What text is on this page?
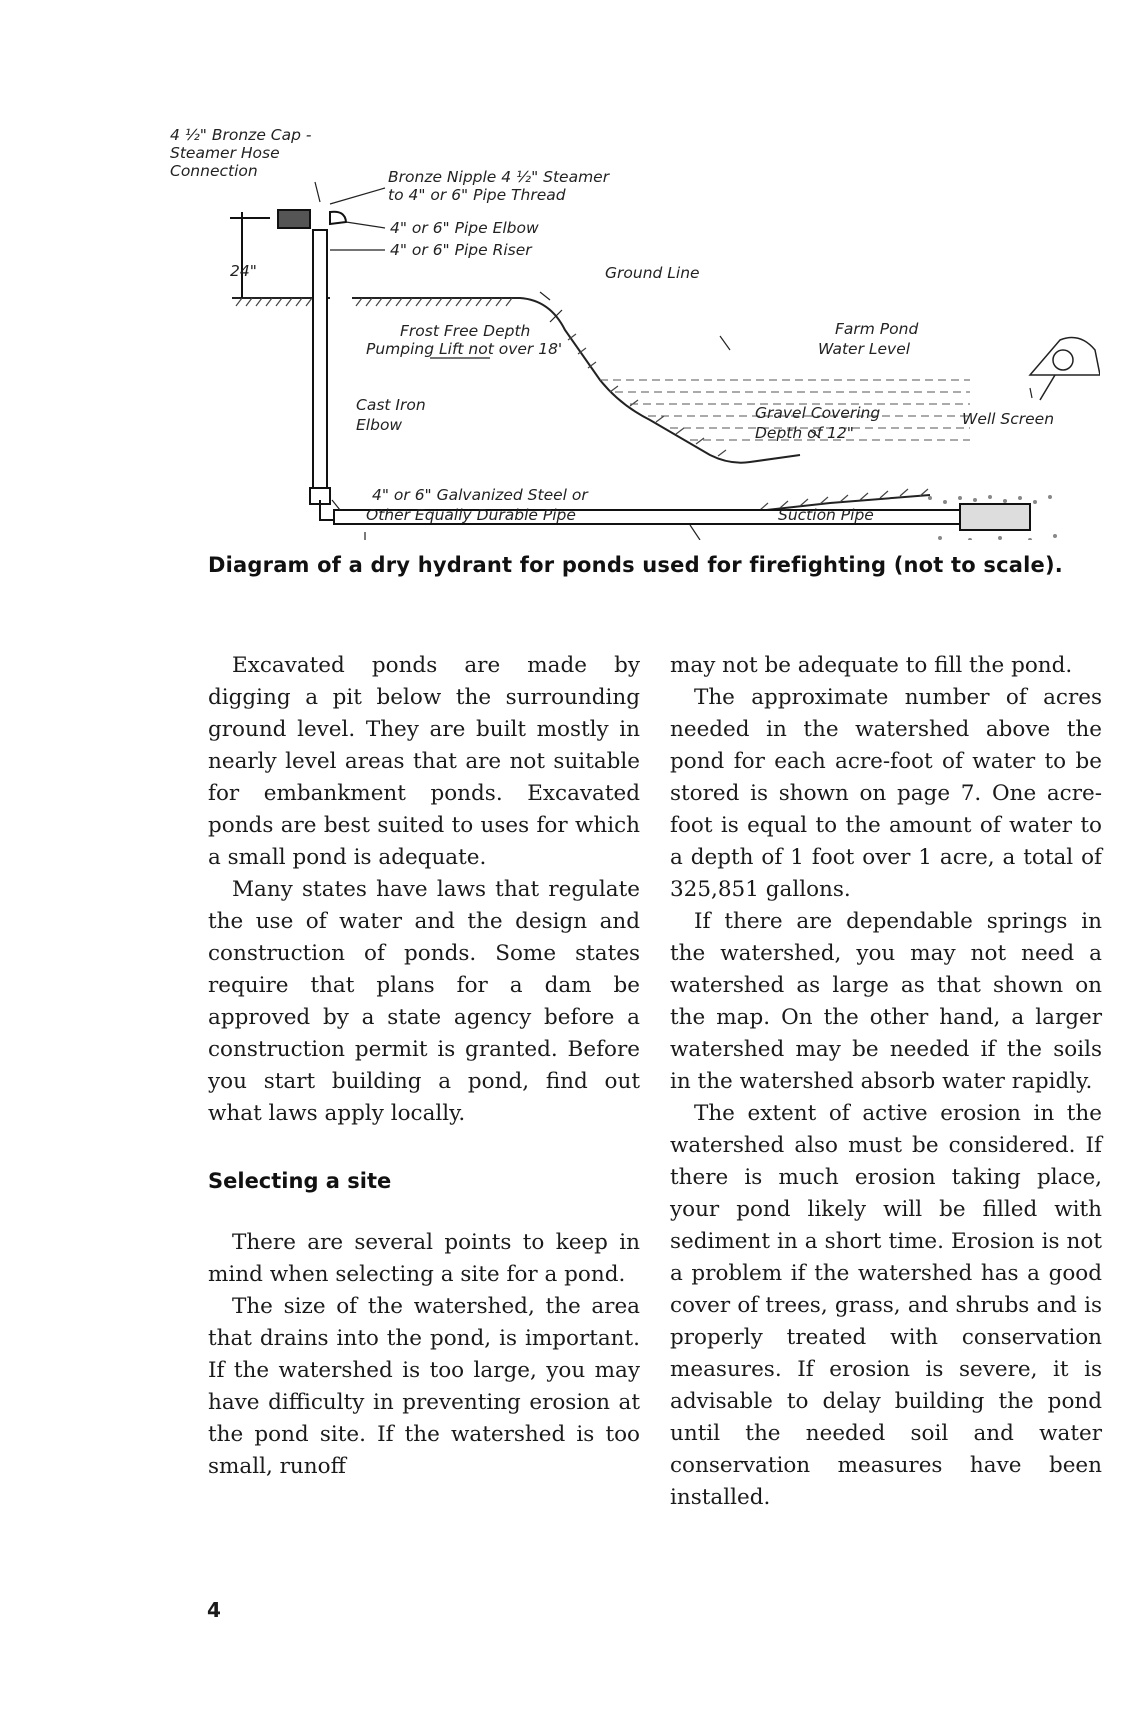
4 ½" Bronze Cap -
Steamer Hose
Connection	Bronze Nipple 4 ½" Steamer
to 4" or 6" Pipe Thread
4" or 6" Pipe Elbow
4" or 6" Pipe Riser
24"	Ground Line
Frost Free Depth
Pumping Lift not over 18'
Farm Pond
Water Level
Cast Iron
Elbow
Gravel Covering
Depth of 12"
Well Screen
4" or 6" Galvanized Steel or
Other Equally Durable Pipe	Suction Pipe
Diagram of a dry hydrant for ponds used for firefighting (not to scale).

Excavated ponds are made by digging a pit below the surrounding ground level. They are built mostly in nearly level areas that are not suitable for embankment ponds. Excavated ponds are best suited to uses for which a small pond is adequate.

Many states have laws that regulate the use of water and the design and construction of ponds. Some states require that plans for a dam be approved by a state agency before a construction permit is granted. Before you start building a pond, find out what laws apply locally.

Selecting a site

There are several points to keep in mind when selecting a site for a pond.

The size of the watershed, the area that drains into the pond, is important. If the watershed is too large, you may have difficulty in preventing erosion at the pond site. If the watershed is too small, runoff

may not be adequate to fill the pond.

The approximate number of acres needed in the watershed above the pond for each acre-foot of water to be stored is shown on page 7. One acre-foot is equal to the amount of water to a depth of 1 foot over 1 acre, a total of 325,851 gallons.

If there are dependable springs in the watershed, you may not need a watershed as large as that shown on the map. On the other hand, a larger watershed may be needed if the soils in the watershed absorb water rapidly.

The extent of active erosion in the watershed also must be considered. If there is much erosion taking place, your pond likely will be filled with sediment in a short time. Erosion is not a problem if the watershed has a good cover of trees, grass, and shrubs and is properly treated with conservation measures. If erosion is severe, it is advisable to delay building the pond until the needed soil and water conservation measures have been installed.

4
